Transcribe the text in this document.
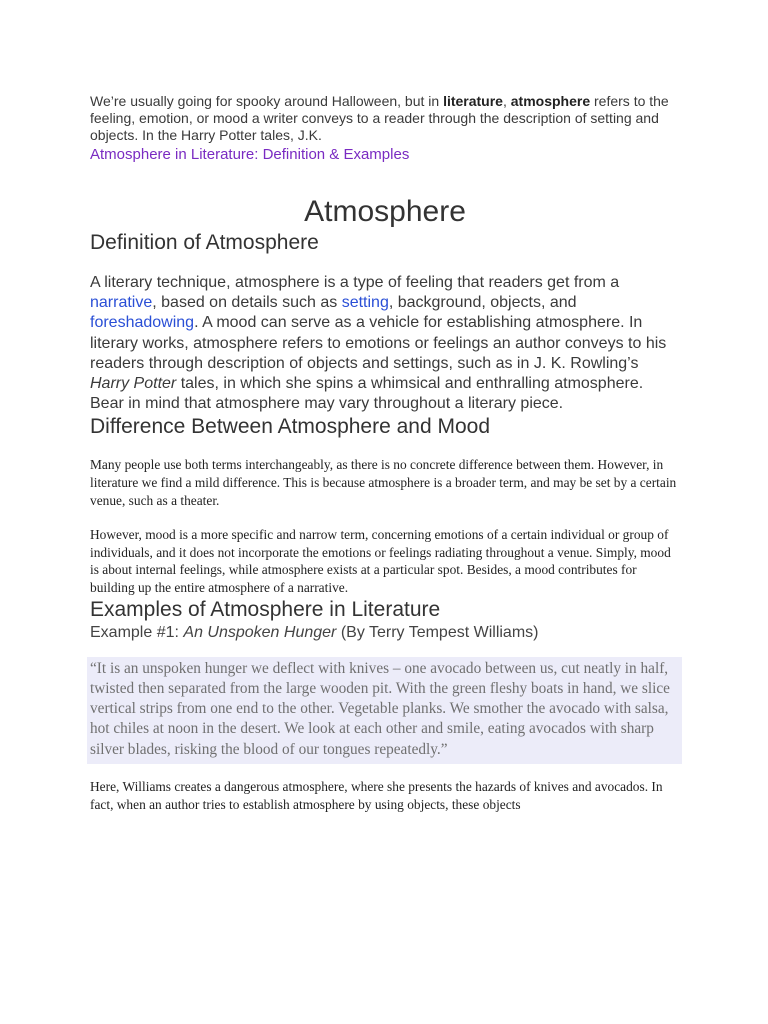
We’re usually going for spooky around Halloween, but in literature, atmosphere refers to the feeling, emotion, or mood a writer conveys to a reader through the description of setting and objects. In the Harry Potter tales, J.K.

Atmosphere in Literature: Definition & Examples
Atmosphere
Definition of Atmosphere

A literary technique, atmosphere is a type of feeling that readers get from a narrative, based on details such as setting, background, objects, and foreshadowing. A mood can serve as a vehicle for establishing atmosphere. In literary works, atmosphere refers to emotions or feelings an author conveys to his readers through description of objects and settings, such as in J. K. Rowling’s Harry Potter tales, in which she spins a whimsical and enthralling atmosphere. Bear in mind that atmosphere may vary throughout a literary piece.

Difference Between Atmosphere and Mood

Many people use both terms interchangeably, as there is no concrete difference between them. However, in literature we find a mild difference. This is because atmosphere is a broader term, and may be set by a certain venue, such as a theater.

However, mood is a more specific and narrow term, concerning emotions of a certain individual or group of individuals, and it does not incorporate the emotions or feelings radiating throughout a venue. Simply, mood is about internal feelings, while atmosphere exists at a particular spot. Besides, a mood contributes for building up the entire atmosphere of a narrative.

Examples of Atmosphere in Literature

Example #1: An Unspoken Hunger (By Terry Tempest Williams)

“It is an unspoken hunger we deflect with knives – one avocado between us, cut neatly in half, twisted then separated from the large wooden pit. With the green fleshy boats in hand, we slice vertical strips from one end to the other. Vegetable planks. We smother the avocado with salsa, hot chiles at noon in the desert. We look at each other and smile, eating avocados with sharp silver blades, risking the blood of our tongues repeatedly.”

Here, Williams creates a dangerous atmosphere, where she presents the hazards of knives and avocados. In fact, when an author tries to establish atmosphere by using objects, these objects
